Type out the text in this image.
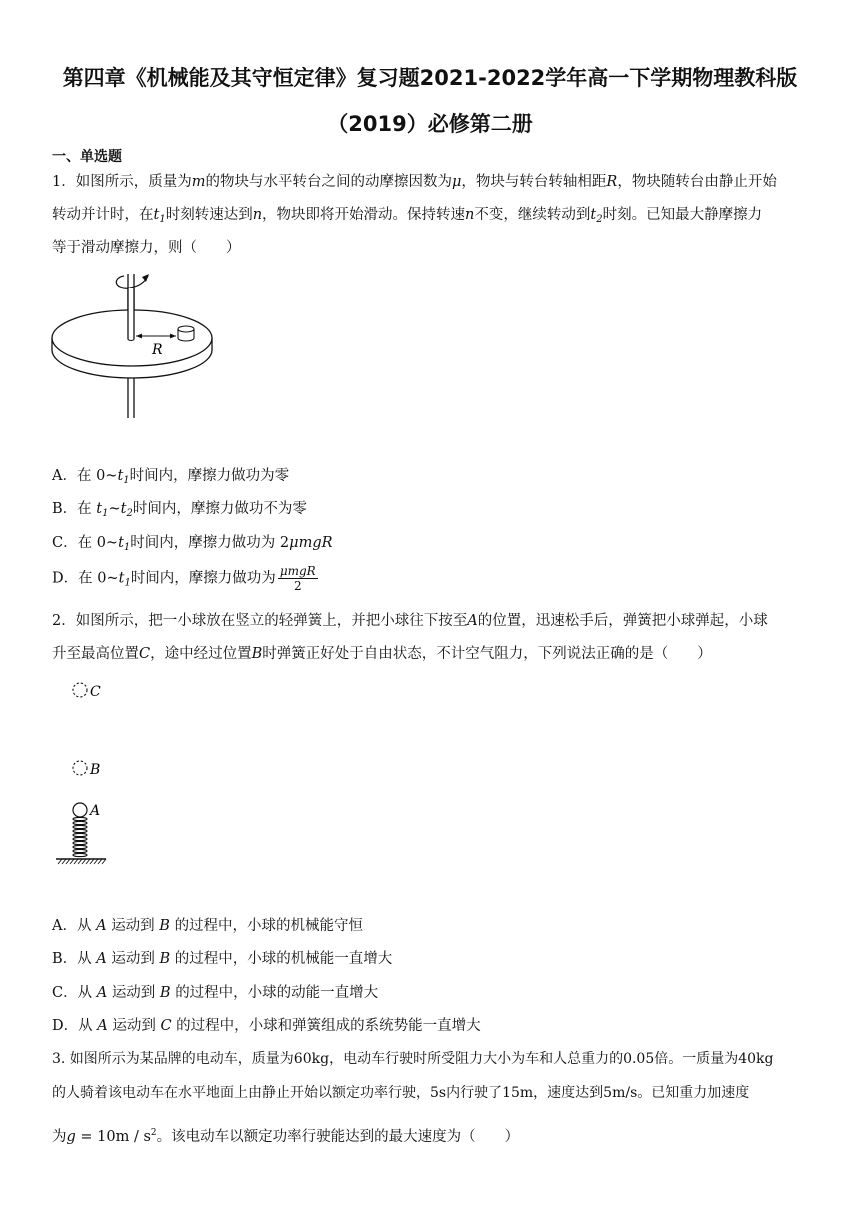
第四章《机械能及其守恒定律》复习题2021-2022学年高一下学期物理教科版
（2019）必修第二册
一、单选题
1．如图所示，质量为m的物块与水平转台之间的动摩擦因数为μ，物块与转台转轴相距R，物块随转台由静止开始
转动并计时，在$t_1$时刻转速达到n，物块即将开始滑动。保持转速n不变，继续转动到$t_2$时刻。已知最大静摩擦力
等于滑动摩擦力，则（　　）
R
A．在 $0\sim t_1$时间内，摩擦力做功为零
B．在 $t_1\sim t_2$时间内，摩擦力做功不为零
C．在 $0\sim t_1$时间内，摩擦力做功为 2μmgR
D．在 $0\sim t_1$时间内，摩擦力做功为 $\frac{\text{μmgR}}{2}$
2．如图所示，把一小球放在竖立的轻弹簧上，并把小球往下按至A的位置，迅速松手后，弹簧把小球弹起，小球
升至最高位置C，途中经过位置B时弹簧正好处于自由状态，不计空气阻力，下列说法正确的是（　　）
C
B
A
A．从 A 运动到 B 的过程中，小球的机械能守恒
B．从 A 运动到 B 的过程中，小球的机械能一直增大
C．从 A 运动到 B 的过程中，小球的动能一直增大
D．从 A 运动到 C 的过程中，小球和弹簧组成的系统势能一直增大
3. 如图所示为某品牌的电动车，质量为60kg，电动车行驶时所受阻力大小为车和人总重力的0.05倍。一质量为40kg
的人骑着该电动车在水平地面上由静止开始以额定功率行驶，5s内行驶了15m，速度达到5m/s。已知重力加速度
为$g = 10m / s^2$。该电动车以额定功率行驶能达到的最大速度为（　　）
